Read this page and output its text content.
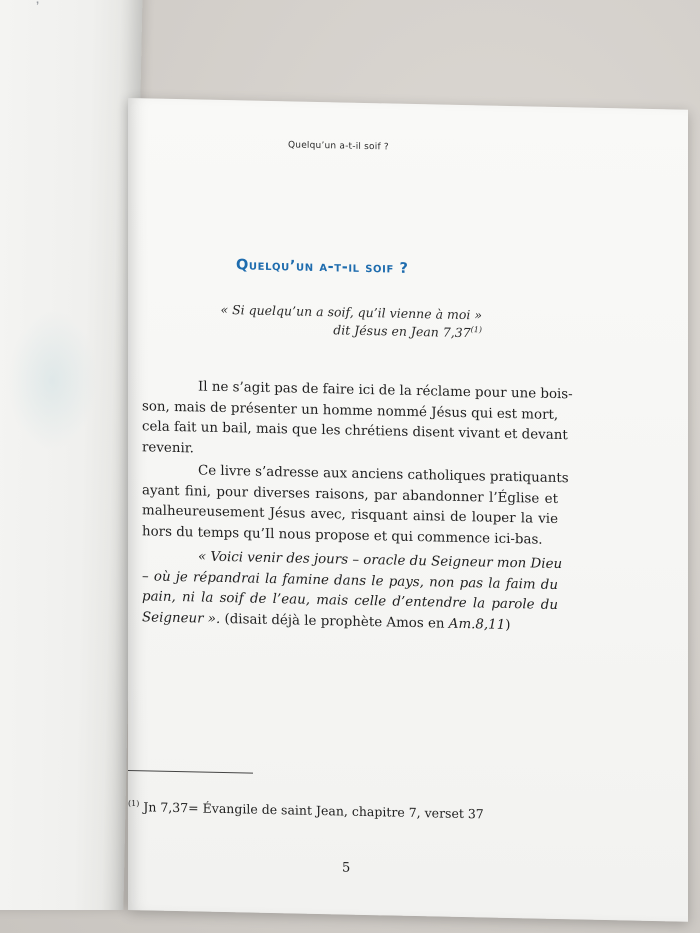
’
Quelqu’un a-t-il soif ?
Quelqu’un a-t-il soif ?
« Si quelqu’un a soif, qu’il vienne à moi »
dit Jésus en Jean 7,37$^{(1)}$
Il ne s’agit pas de faire ici de la réclame pour une bois-
son, mais de présenter un homme nommé Jésus qui est mort,
cela fait un bail, mais que les chrétiens disent vivant et devant
revenir.
Ce livre s’adresse aux anciens catholiques pratiquants
ayant fini, pour diverses raisons, par abandonner l’Église et
malheureusement Jésus avec, risquant ainsi de louper la vie
hors du temps qu’Il nous propose et qui commence ici-bas.
« Voici venir des jours – oracle du Seigneur mon Dieu
– où je répandrai la famine dans le pays, non pas la faim du
pain, ni la soif de l’eau, mais celle d’entendre la parole du
Seigneur ». (disait déjà le prophète Amos en Am.8,11)
$^{(1)}$ Jn 7,37= Évangile de saint Jean, chapitre 7, verset 37
5
